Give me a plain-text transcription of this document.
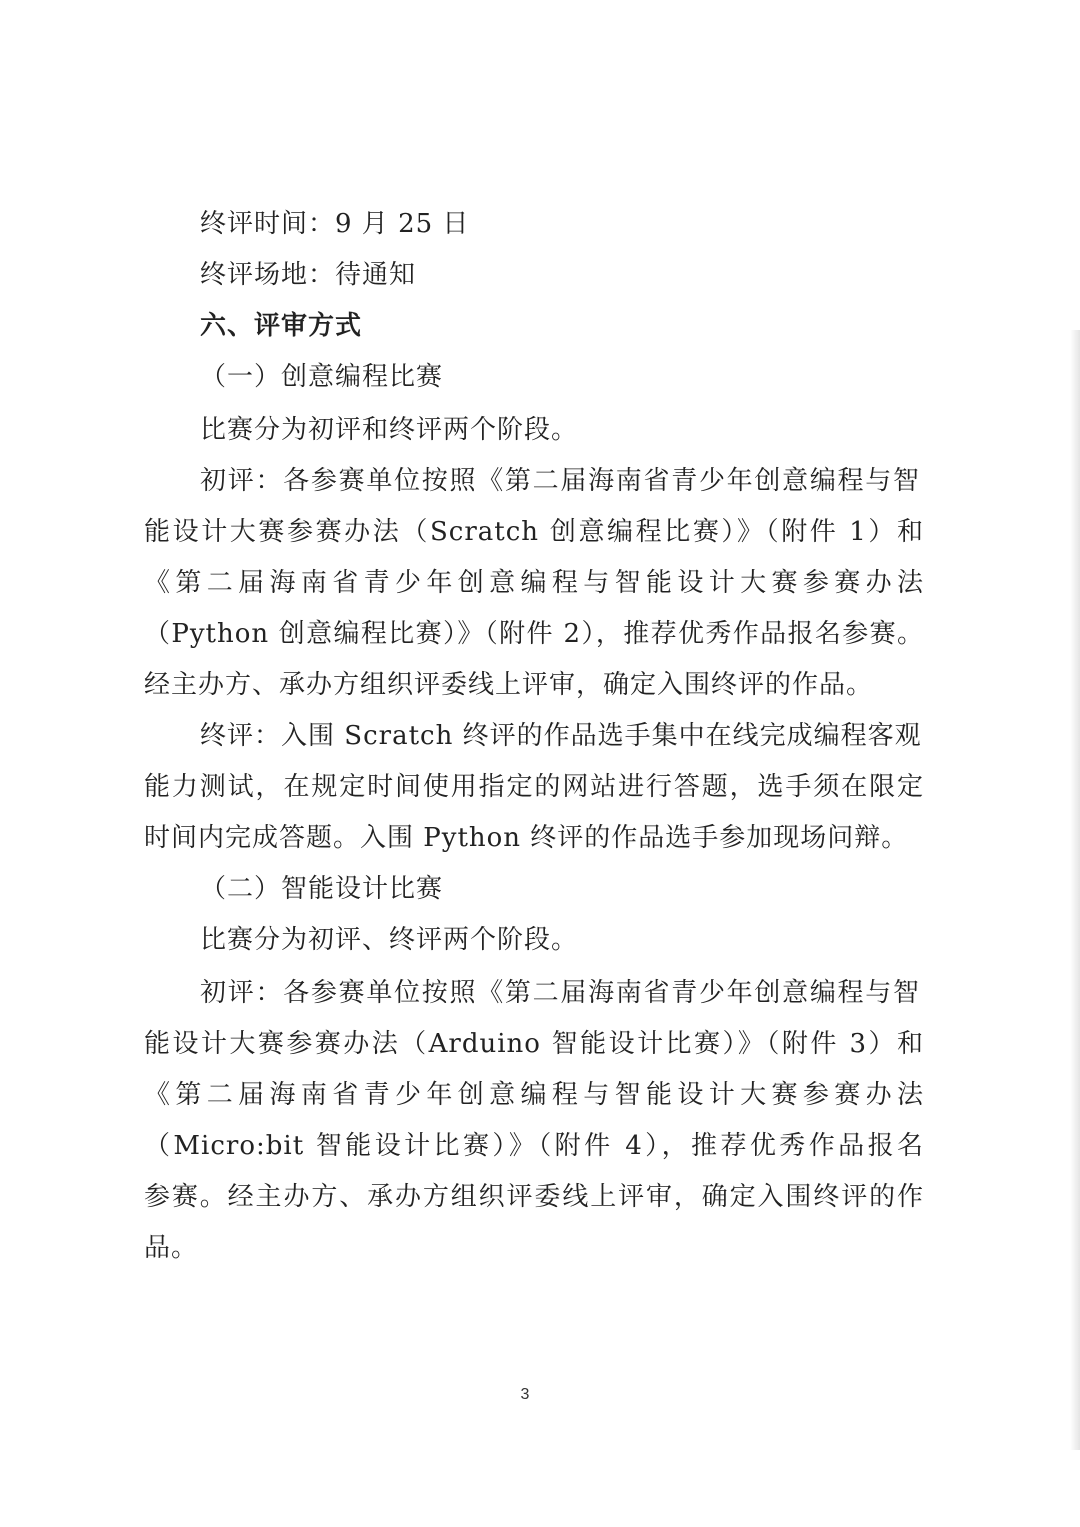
终评时间：9 月 25 日
终评场地：待通知
六、评审方式
（一）创意编程比赛
比赛分为初评和终评两个阶段。
初评：各参赛单位按照《第二届海南省青少年创意编程与智
能设计大赛参赛办法（Scratch 创意编程比赛）》（附件 1）和
《第二届海南省青少年创意编程与智能设计大赛参赛办法
（Python 创意编程比赛）》（附件 2），推荐优秀作品报名参赛。
经主办方、承办方组织评委线上评审，确定入围终评的作品。
终评：入围 Scratch 终评的作品选手集中在线完成编程客观
能力测试，在规定时间使用指定的网站进行答题，选手须在限定
时间内完成答题。入围 Python 终评的作品选手参加现场问辩。
（二）智能设计比赛
比赛分为初评、终评两个阶段。
初评：各参赛单位按照《第二届海南省青少年创意编程与智
能设计大赛参赛办法（Arduino 智能设计比赛）》（附件 3）和
《第二届海南省青少年创意编程与智能设计大赛参赛办法
（Micro:bit 智能设计比赛）》（附件 4），推荐优秀作品报名
参赛。经主办方、承办方组织评委线上评审，确定入围终评的作
品。
3
